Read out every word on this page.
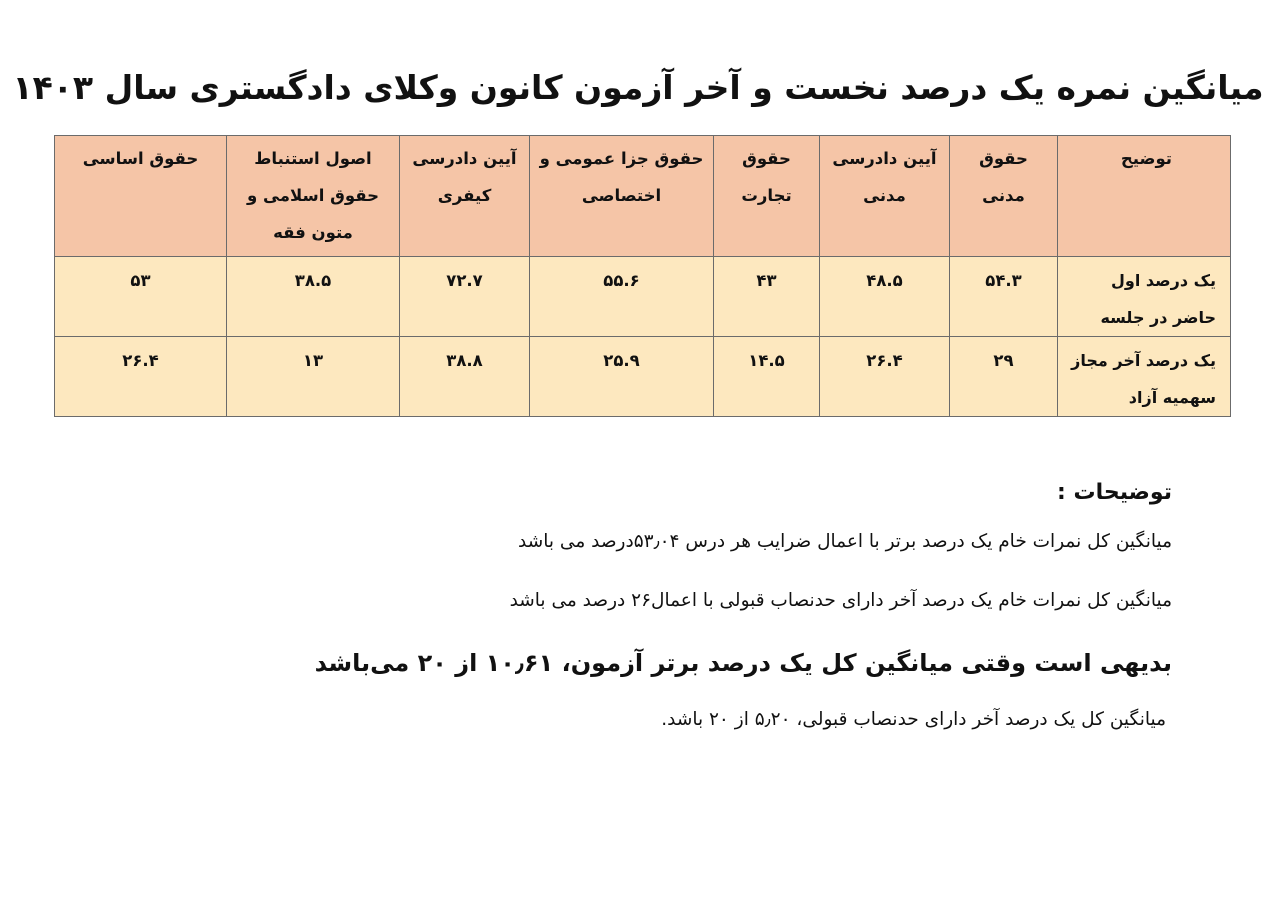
میانگین نمره یک درصد نخست و آخر آزمون کانون وکلای دادگستری سال ۱۴۰۳
توضیح	حقوق مدنی	آیین دادرسی مدنی	حقوق تجارت	حقوق جزا عمومی و اختصاصی	آیین دادرسی کیفری	اصول استنباط حقوق اسلامی و متون فقه	حقوق اساسی
یک درصد اول حاضر در جلسه	۵۴.۳	۴۸.۵	۴۳	۵۵.۶	۷۲.۷	۳۸.۵	۵۳
یک درصد آخر مجاز سهمیه آزاد	۲۹	۲۶.۴	۱۴.۵	۲۵.۹	۳۸.۸	۱۳	۲۶.۴
توضیحات :
میانگین کل نمرات خام یک درصد برتر با اعمال ضرایب هر درس ۵۳٫۰۴درصد می باشد
میانگین کل نمرات خام یک درصد آخر دارای حدنصاب قبولی با اعمال۲۶ درصد می باشد
بدیهی است وقتی میانگین کل یک درصد برتر آزمون، ۱۰٫۶۱ از ۲۰ می‌باشد
میانگین کل یک درصد آخر دارای حدنصاب قبولی، ۵٫۲۰ از ۲۰ باشد.
